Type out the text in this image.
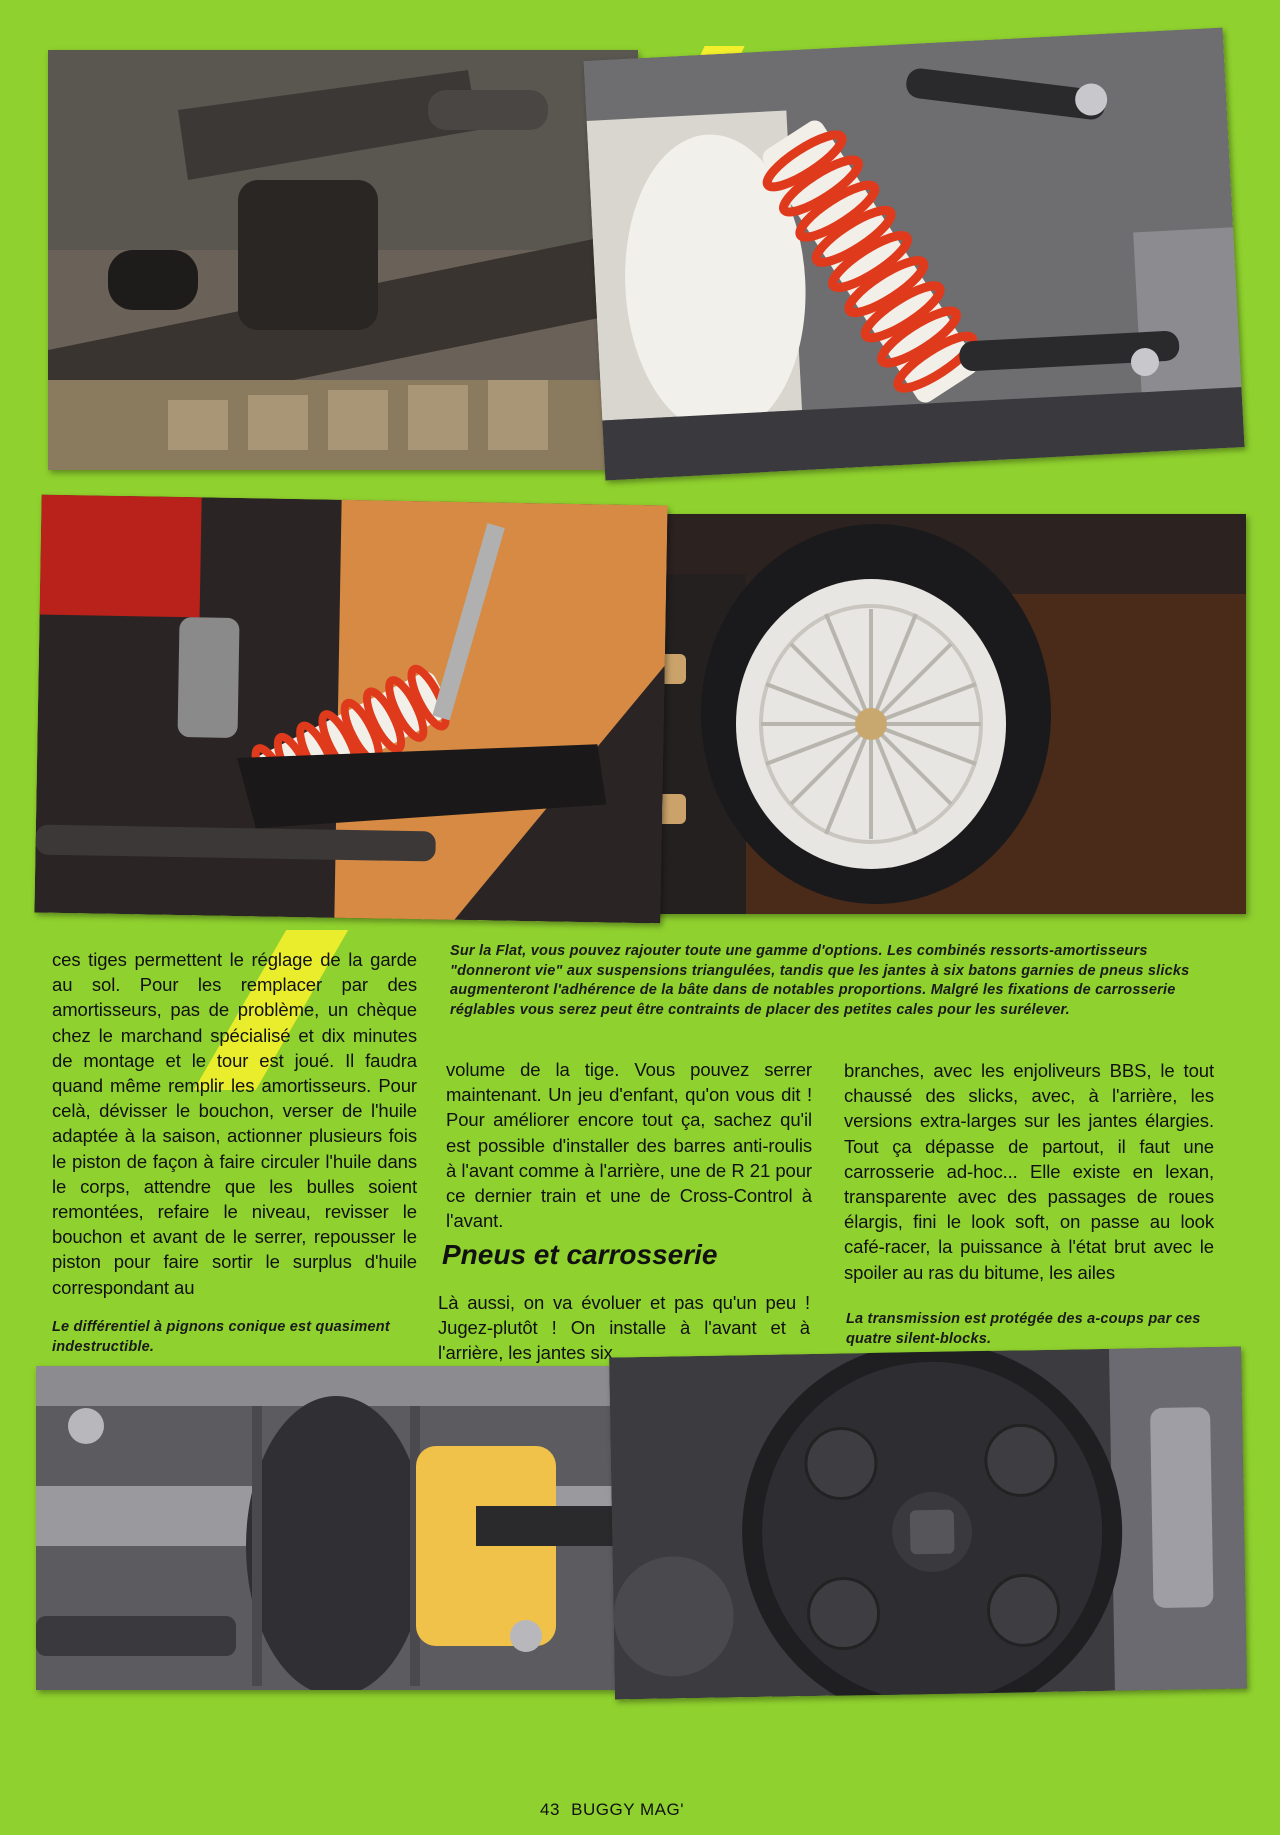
Sur la Flat, vous pouvez rajouter toute une gamme d'options. Les combinés ressorts-amortisseurs "donneront vie" aux suspensions triangulées, tandis que les jantes à six batons garnies de pneus slicks augmenteront l'adhérence de la bâte dans de notables proportions. Malgré les fixations de carrosserie réglables vous serez peut être contraints de placer des petites cales pour les surélever.
ces tiges permettent le réglage de la garde au sol. Pour les remplacer par des amortisseurs, pas de problème, un chèque chez le marchand spécialisé et dix minutes de montage et le tour est joué. Il faudra quand même remplir les amortisseurs. Pour celà, dévisser le bouchon, verser de l'huile adaptée à la saison, actionner plusieurs fois le piston de façon à faire circuler l'huile dans le corps, attendre que les bulles soient remontées, refaire le niveau, revisser le bouchon et avant de le serrer, repousser le piston pour faire sortir le surplus d'huile correspondant au
Le différentiel à pignons conique est quasiment indestructible.
volume de la tige. Vous pouvez serrer maintenant. Un jeu d'enfant, qu'on vous dit ! Pour améliorer encore tout ça, sachez qu'il est possible d'installer des barres anti-roulis à l'avant comme à l'arrière, une de R 21 pour ce dernier train et une de Cross-Control à l'avant.
Pneus et carrosserie
Là aussi, on va évoluer et pas qu'un peu ! Jugez-plutôt ! On installe à l'avant et à l'arrière, les jantes six
branches, avec les enjoliveurs BBS, le tout chaussé des slicks, avec, à l'arrière, les versions extra-larges sur les jantes élargies. Tout ça dépasse de partout, il faut une carrosserie ad-hoc... Elle existe en lexan, transparente avec des passages de roues élargis, fini le look soft, on passe au look café-racer, la puissance à l'état brut avec le spoiler au ras du bitume, les ailes
La transmission est protégée des a-coups par ces quatre silent-blocks.
43 BUGGY MAG'
